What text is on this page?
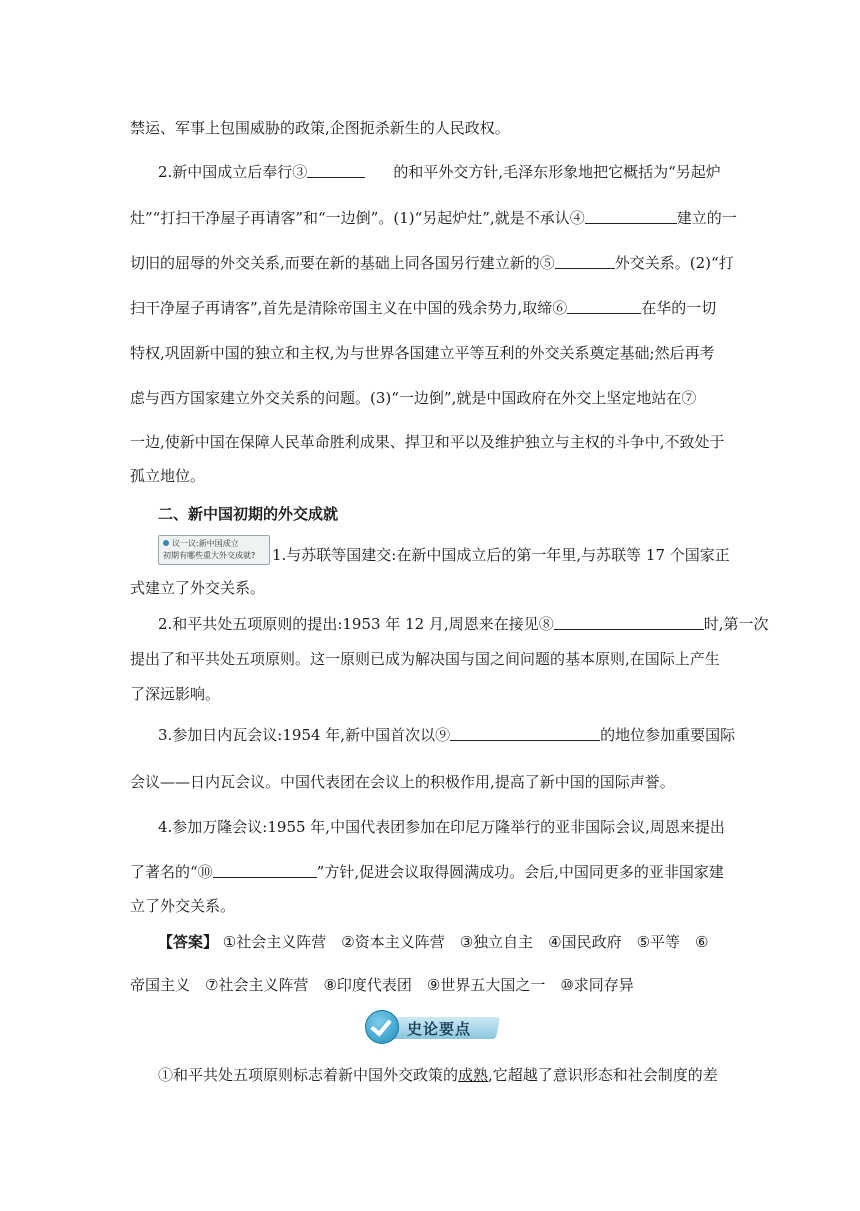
禁运、军事上包围威胁的政策,企图扼杀新生的人民政权。
2.新中国成立后奉行③	的和平外交方针,毛泽东形象地把它概括为“另起炉
灶”“打扫干净屋子再请客”和“一边倒”。(1)“另起炉灶”,就是不承认④	建立的一
切旧的屈辱的外交关系,而要在新的基础上同各国另行建立新的⑤	外交关系。(2)“打
扫干净屋子再请客”,首先是清除帝国主义在中国的残余势力,取缔⑥	在华的一切
特权,巩固新中国的独立和主权,为与世界各国建立平等互利的外交关系奠定基础;然后再考
虑与西方国家建立外交关系的问题。(3)“一边倒”,就是中国政府在外交上坚定地站在⑦
一边,使新中国在保障人民革命胜利成果、捍卫和平以及维护独立与主权的斗争中,不致处于
孤立地位。
二、新中国初期的外交成就
议一议:新中国成立
初期有哪些重大外交成就?	1.与苏联等国建交:在新中国成立后的第一年里,与苏联等 17 个国家正
式建立了外交关系。
2.和平共处五项原则的提出:1953 年 12 月,周恩来在接见⑧	时,第一次
提出了和平共处五项原则。这一原则已成为解决国与国之间问题的基本原则,在国际上产生
了深远影响。
3.参加日内瓦会议:1954 年,新中国首次以⑨	的地位参加重要国际
会议——日内瓦会议。中国代表团在会议上的积极作用,提高了新中国的国际声誉。
4.参加万隆会议:1955 年,中国代表团参加在印尼万隆举行的亚非国际会议,周恩来提出
了著名的“⑩	”方针,促进会议取得圆满成功。会后,中国同更多的亚非国家建
立了外交关系。
【答案】 ①社会主义阵营　②资本主义阵营　③独立自主　④国民政府　⑤平等　⑥
帝国主义　⑦社会主义阵营　⑧印度代表团　⑨世界五大国之一　⑩求同存异
史论要点
①和平共处五项原则标志着新中国外交政策的成熟,它超越了意识形态和社会制度的差
